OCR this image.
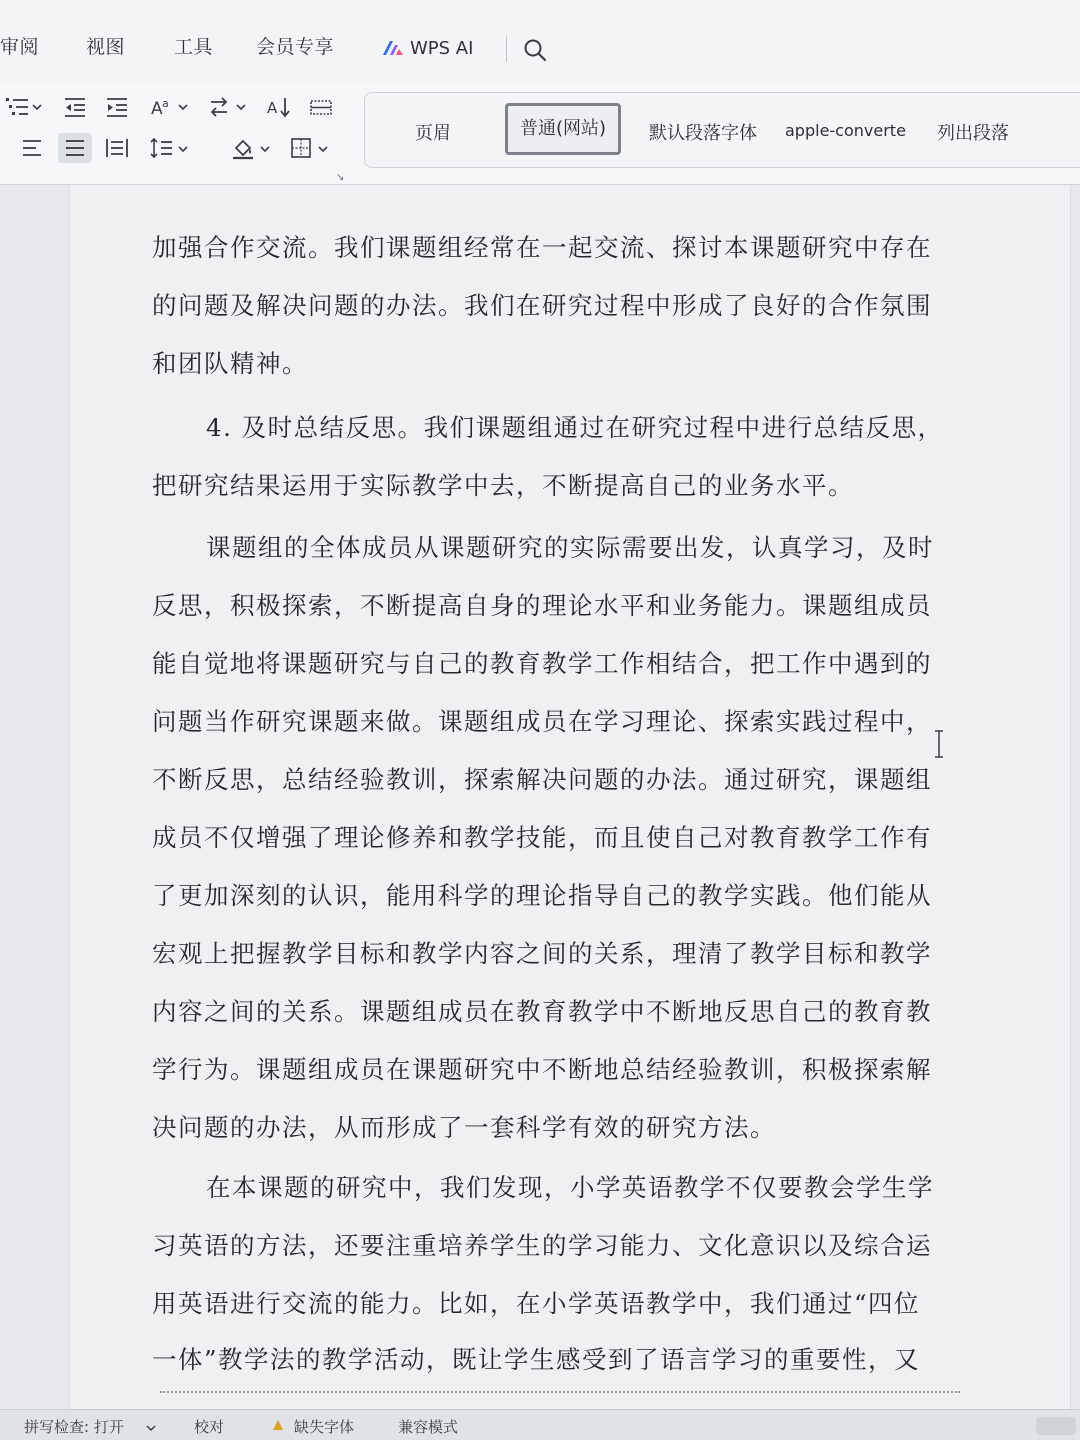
审阅 视图	工具 会员专享	WPS AI
A a	A
↘
页眉	普通(网站)	默认段落字体 apple-converte 列出段落
加强合作交流。我们课题组经常在一起交流、探讨本课题研究中存在
的问题及解决问题的办法。我们在研究过程中形成了良好的合作氛围
和团队精神。
4. 及时总结反思。我们课题组通过在研究过程中进行总结反思，
把研究结果运用于实际教学中去，不断提高自己的业务水平。
课题组的全体成员从课题研究的实际需要出发，认真学习，及时
反思，积极探索，不断提高自身的理论水平和业务能力。课题组成员
能自觉地将课题研究与自己的教育教学工作相结合，把工作中遇到的
问题当作研究课题来做。课题组成员在学习理论、探索实践过程中，
不断反思，总结经验教训，探索解决问题的办法。通过研究，课题组
成员不仅增强了理论修养和教学技能，而且使自己对教育教学工作有
了更加深刻的认识，能用科学的理论指导自己的教学实践。他们能从
宏观上把握教学目标和教学内容之间的关系，理清了教学目标和教学
内容之间的关系。课题组成员在教育教学中不断地反思自己的教育教
学行为。课题组成员在课题研究中不断地总结经验教训，积极探索解
决问题的办法，从而形成了一套科学有效的研究方法。
在本课题的研究中，我们发现，小学英语教学不仅要教会学生学
习英语的方法，还要注重培养学生的学习能力、文化意识以及综合运
用英语进行交流的能力。比如，在小学英语教学中，我们通过“四位
一体”教学法的教学活动，既让学生感受到了语言学习的重要性，又
拼写检查: 打开	校对	缺失字体	兼容模式
